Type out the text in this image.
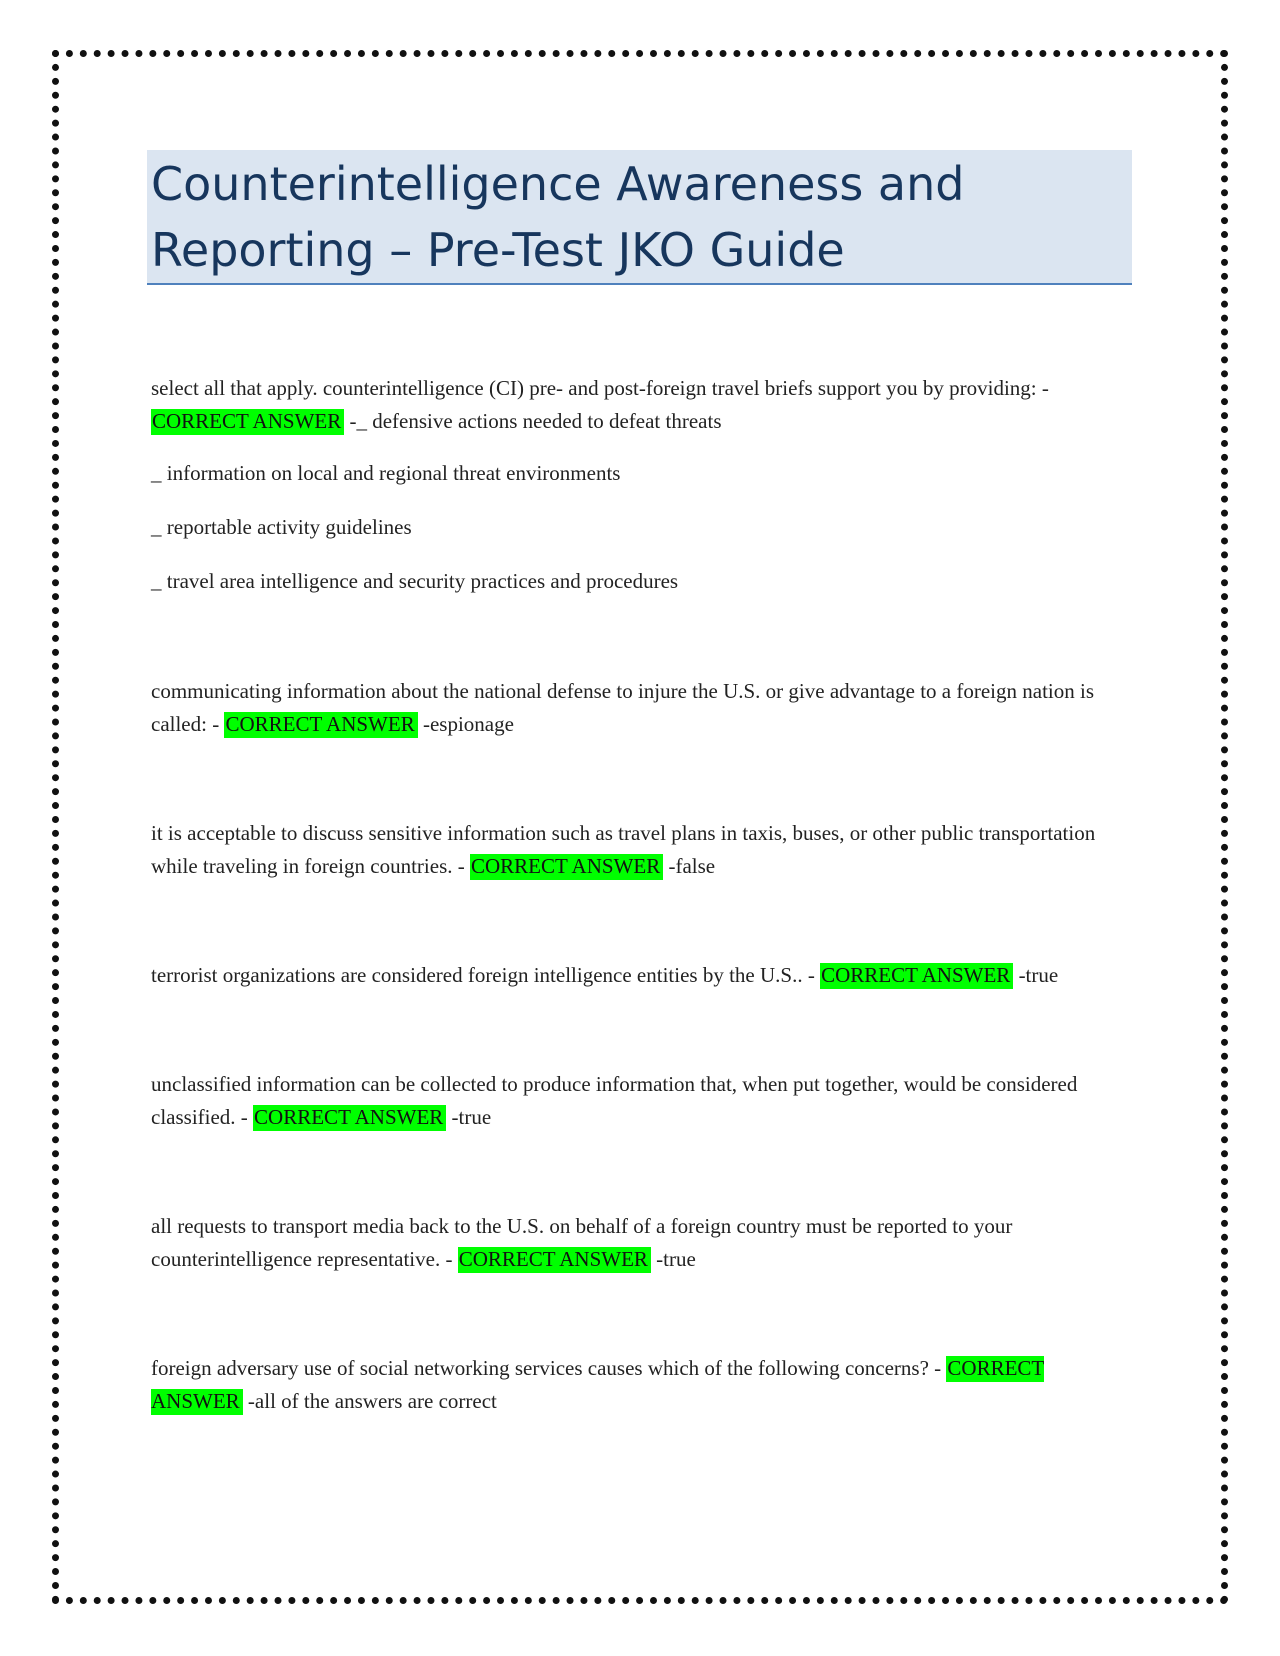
Counterintelligence Awareness and Reporting – Pre-Test JKO Guide

select all that apply. counterintelligence (CI) pre- and post-foreign travel briefs support you by providing: - CORRECT ANSWER -_ defensive actions needed to defeat threats

_ information on local and regional threat environments

_ reportable activity guidelines

_ travel area intelligence and security practices and procedures

communicating information about the national defense to injure the U.S. or give advantage to a foreign nation is called: - CORRECT ANSWER -espionage

it is acceptable to discuss sensitive information such as travel plans in taxis, buses, or other public transportation while traveling in foreign countries. - CORRECT ANSWER -false

terrorist organizations are considered foreign intelligence entities by the U.S.. - CORRECT ANSWER -true

unclassified information can be collected to produce information that, when put together, would be considered classified. - CORRECT ANSWER -true

all requests to transport media back to the U.S. on behalf of a foreign country must be reported to your counterintelligence representative. - CORRECT ANSWER -true

foreign adversary use of social networking services causes which of the following concerns? - CORRECT ANSWER -all of the answers are correct
